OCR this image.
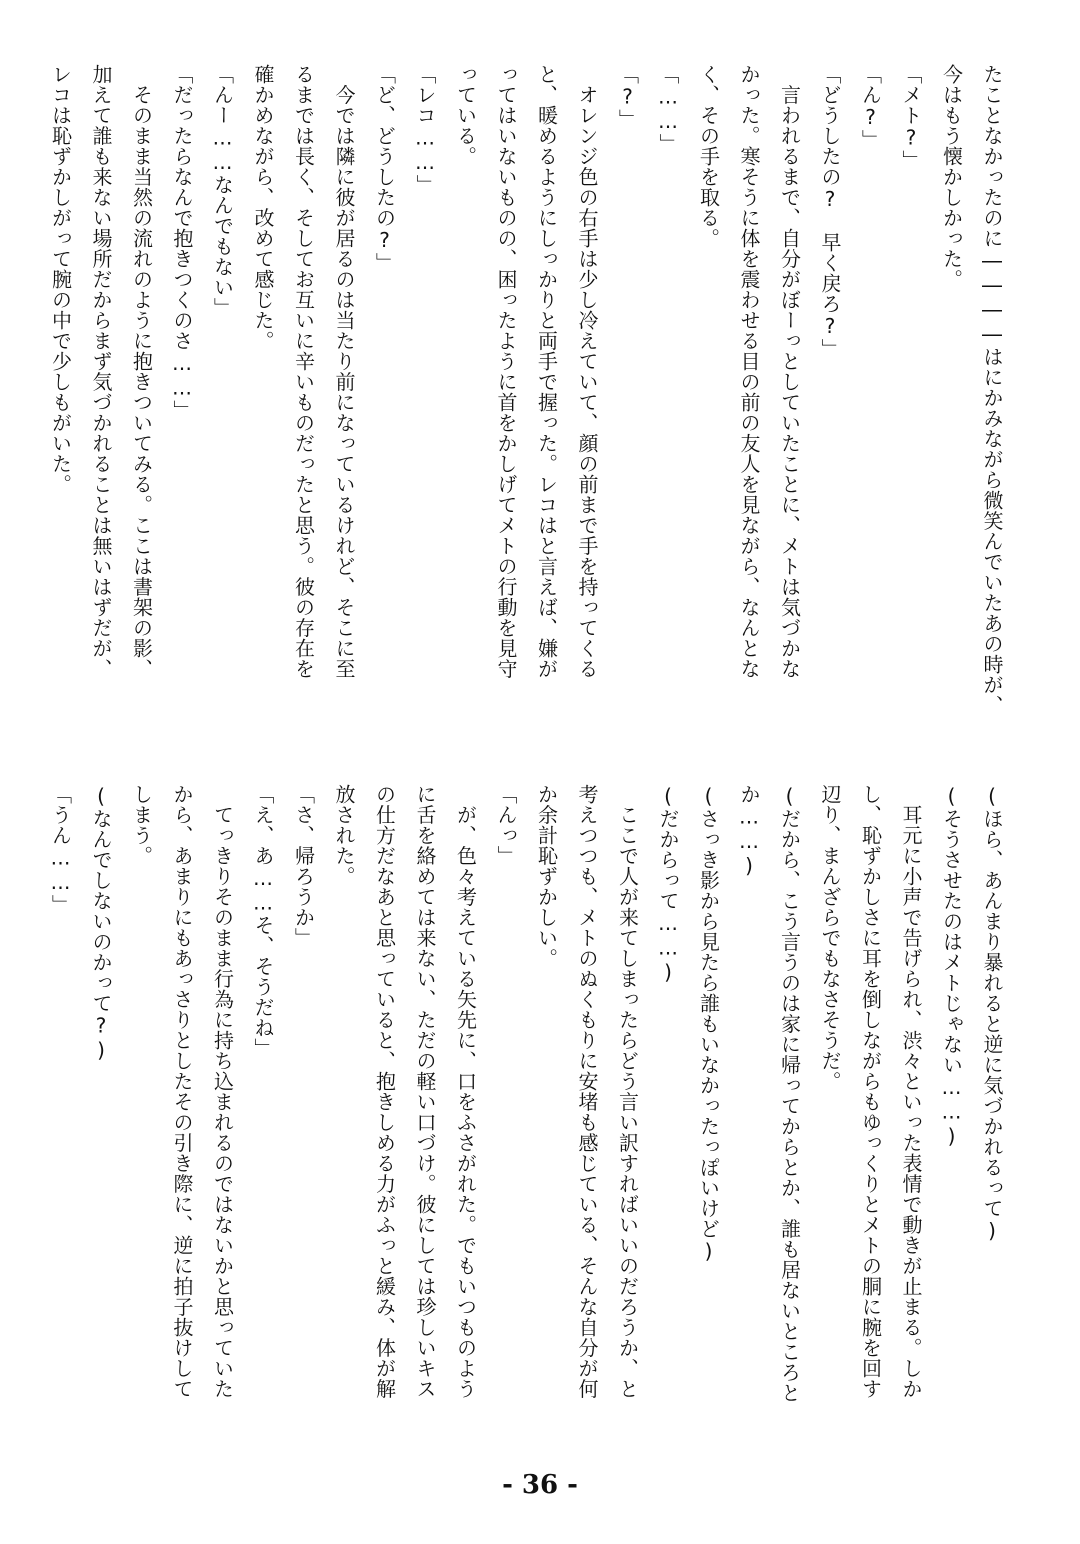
たことなかったのに――――はにかみながら微笑んでいたあの時が、
今はもう懐かしかった。
「メト?」
「ん?」
「どうしたの?　早く戻ろ?」
　言われるまで、自分がぼーっとしていたことに、メトは気づかな
かった。寒そうに体を震わせる目の前の友人を見ながら、なんとな
く、その手を取る。
「……」
「?」
　オレンジ色の右手は少し冷えていて、顔の前まで手を持ってくる
と、暖めるようにしっかりと両手で握った。レコはと言えば、嫌が
ってはいないものの、困ったように首をかしげてメトの行動を見守
っている。
「レコ……」
「ど、どうしたの?」
　今では隣に彼が居るのは当たり前になっているけれど、そこに至
るまでは長く、そしてお互いに辛いものだったと思う。彼の存在を
確かめながら、改めて感じた。
「んー……なんでもない」
「だったらなんで抱きつくのさ……」
　そのまま当然の流れのように抱きついてみる。ここは書架の影、
加えて誰も来ない場所だからまず気づかれることは無いはずだが、
レコは恥ずかしがって腕の中で少しもがいた。
(ほら、あんまり暴れると逆に気づかれるって)
(そうさせたのはメトじゃない……)
　耳元に小声で告げられ、渋々といった表情で動きが止まる。しか
し、恥ずかしさに耳を倒しながらもゆっくりとメトの胴に腕を回す
辺り、まんざらでもなさそうだ。
(だから、こう言うのは家に帰ってからとか、誰も居ないところと
か……)
(さっき影から見たら誰もいなかったっぽいけど)
(だからって……)
　ここで人が来てしまったらどう言い訳すればいいのだろうか、と
考えつつも、メトのぬくもりに安堵も感じている、そんな自分が何
か余計恥ずかしい。
「んっ」
　が、色々考えている矢先に、口をふさがれた。でもいつものよう
に舌を絡めては来ない、ただの軽い口づけ。彼にしては珍しいキス
の仕方だなあと思っていると、抱きしめる力がふっと緩み、体が解
放された。
「さ、帰ろうか」
「え、あ……そ、そうだね」
　てっきりそのまま行為に持ち込まれるのではないかと思っていた
から、あまりにもあっさりとしたその引き際に、逆に拍子抜けして
しまう。
(なんでしないのかって?)
「うん……」
- 36 -
